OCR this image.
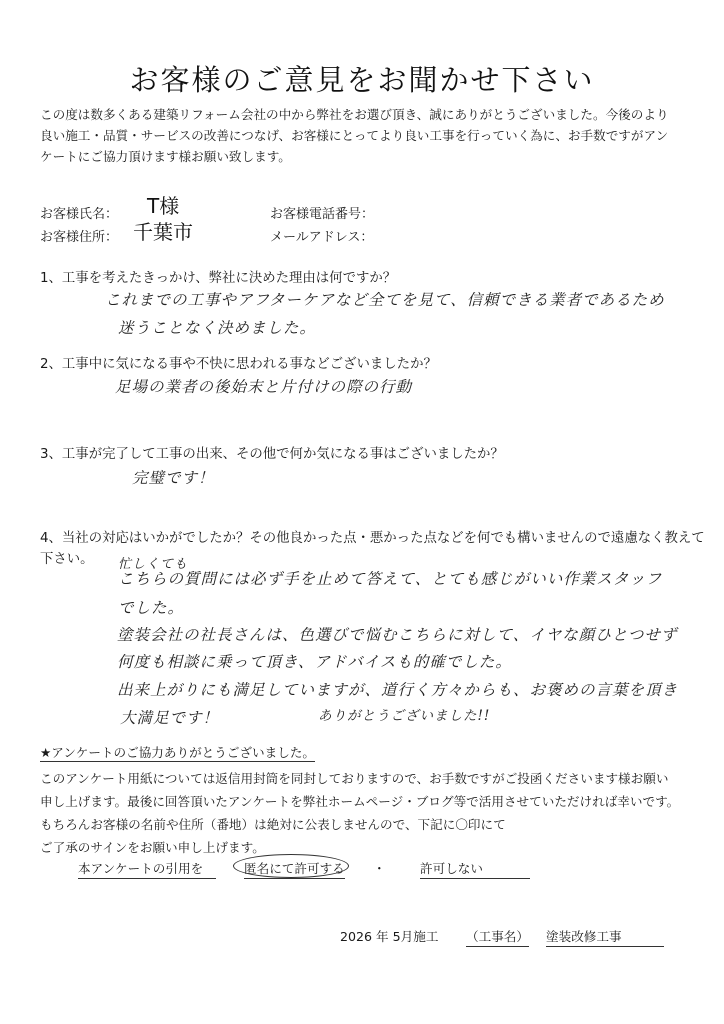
お客様のご意見をお聞かせ下さい
この度は数多くある建築リフォーム会社の中から弊社をお選び頂き、誠にありがとうございました。今後のより
良い施工・品質・サービスの改善につなげ、お客様にとってより良い工事を行っていく為に、お手数ですがアン
ケートにご協力頂けます様お願い致します。
お客様氏名： T様	お客様電話番号：
お客様住所： 千葉市	メールアドレス：
1、工事を考えたきっかけ、弊社に決めた理由は何ですか？
これまでの工事やアフターケアなど全てを見て、信頼できる業者であるため
迷うことなく決めました。
2、工事中に気になる事や不快に思われる事などございましたか？
足場の業者の後始末と片付けの際の行動
3、工事が完了して工事の出来、その他で何か気になる事はございましたか？
完璧です！
4、当社の対応はいかがでしたか？その他良かった点・悪かった点などを何でも構いませんので遠慮なく教えて
下さい。 忙しくても
こちらの質問には必ず手を止めて答えて、とても感じがいい作業スタッフ
でした。
塗装会社の社長さんは、色選びで悩むこちらに対して、イヤな顔ひとつせず
何度も相談に乗って頂き、アドバイスも的確でした。
出来上がりにも満足していますが、道行く方々からも、お褒めの言葉を頂き
大満足です！	ありがとうございました!!
★アンケートのご協力ありがとうございました。
このアンケート用紙については返信用封筒を同封しておりますので、お手数ですがご投函くださいます様お願い
申し上げます。最後に回答頂いたアンケートを弊社ホームページ・ブログ等で活用させていただければ幸いです。
もちろんお客様の名前や住所（番地）は絶対に公表しませんので、下記に〇印にて
ご了承のサインをお願い申し上げます。
本アンケートの引用を	匿名にて許可する ・	許可しない
2026 年 5月施工 （工事名） 塗装改修工事
